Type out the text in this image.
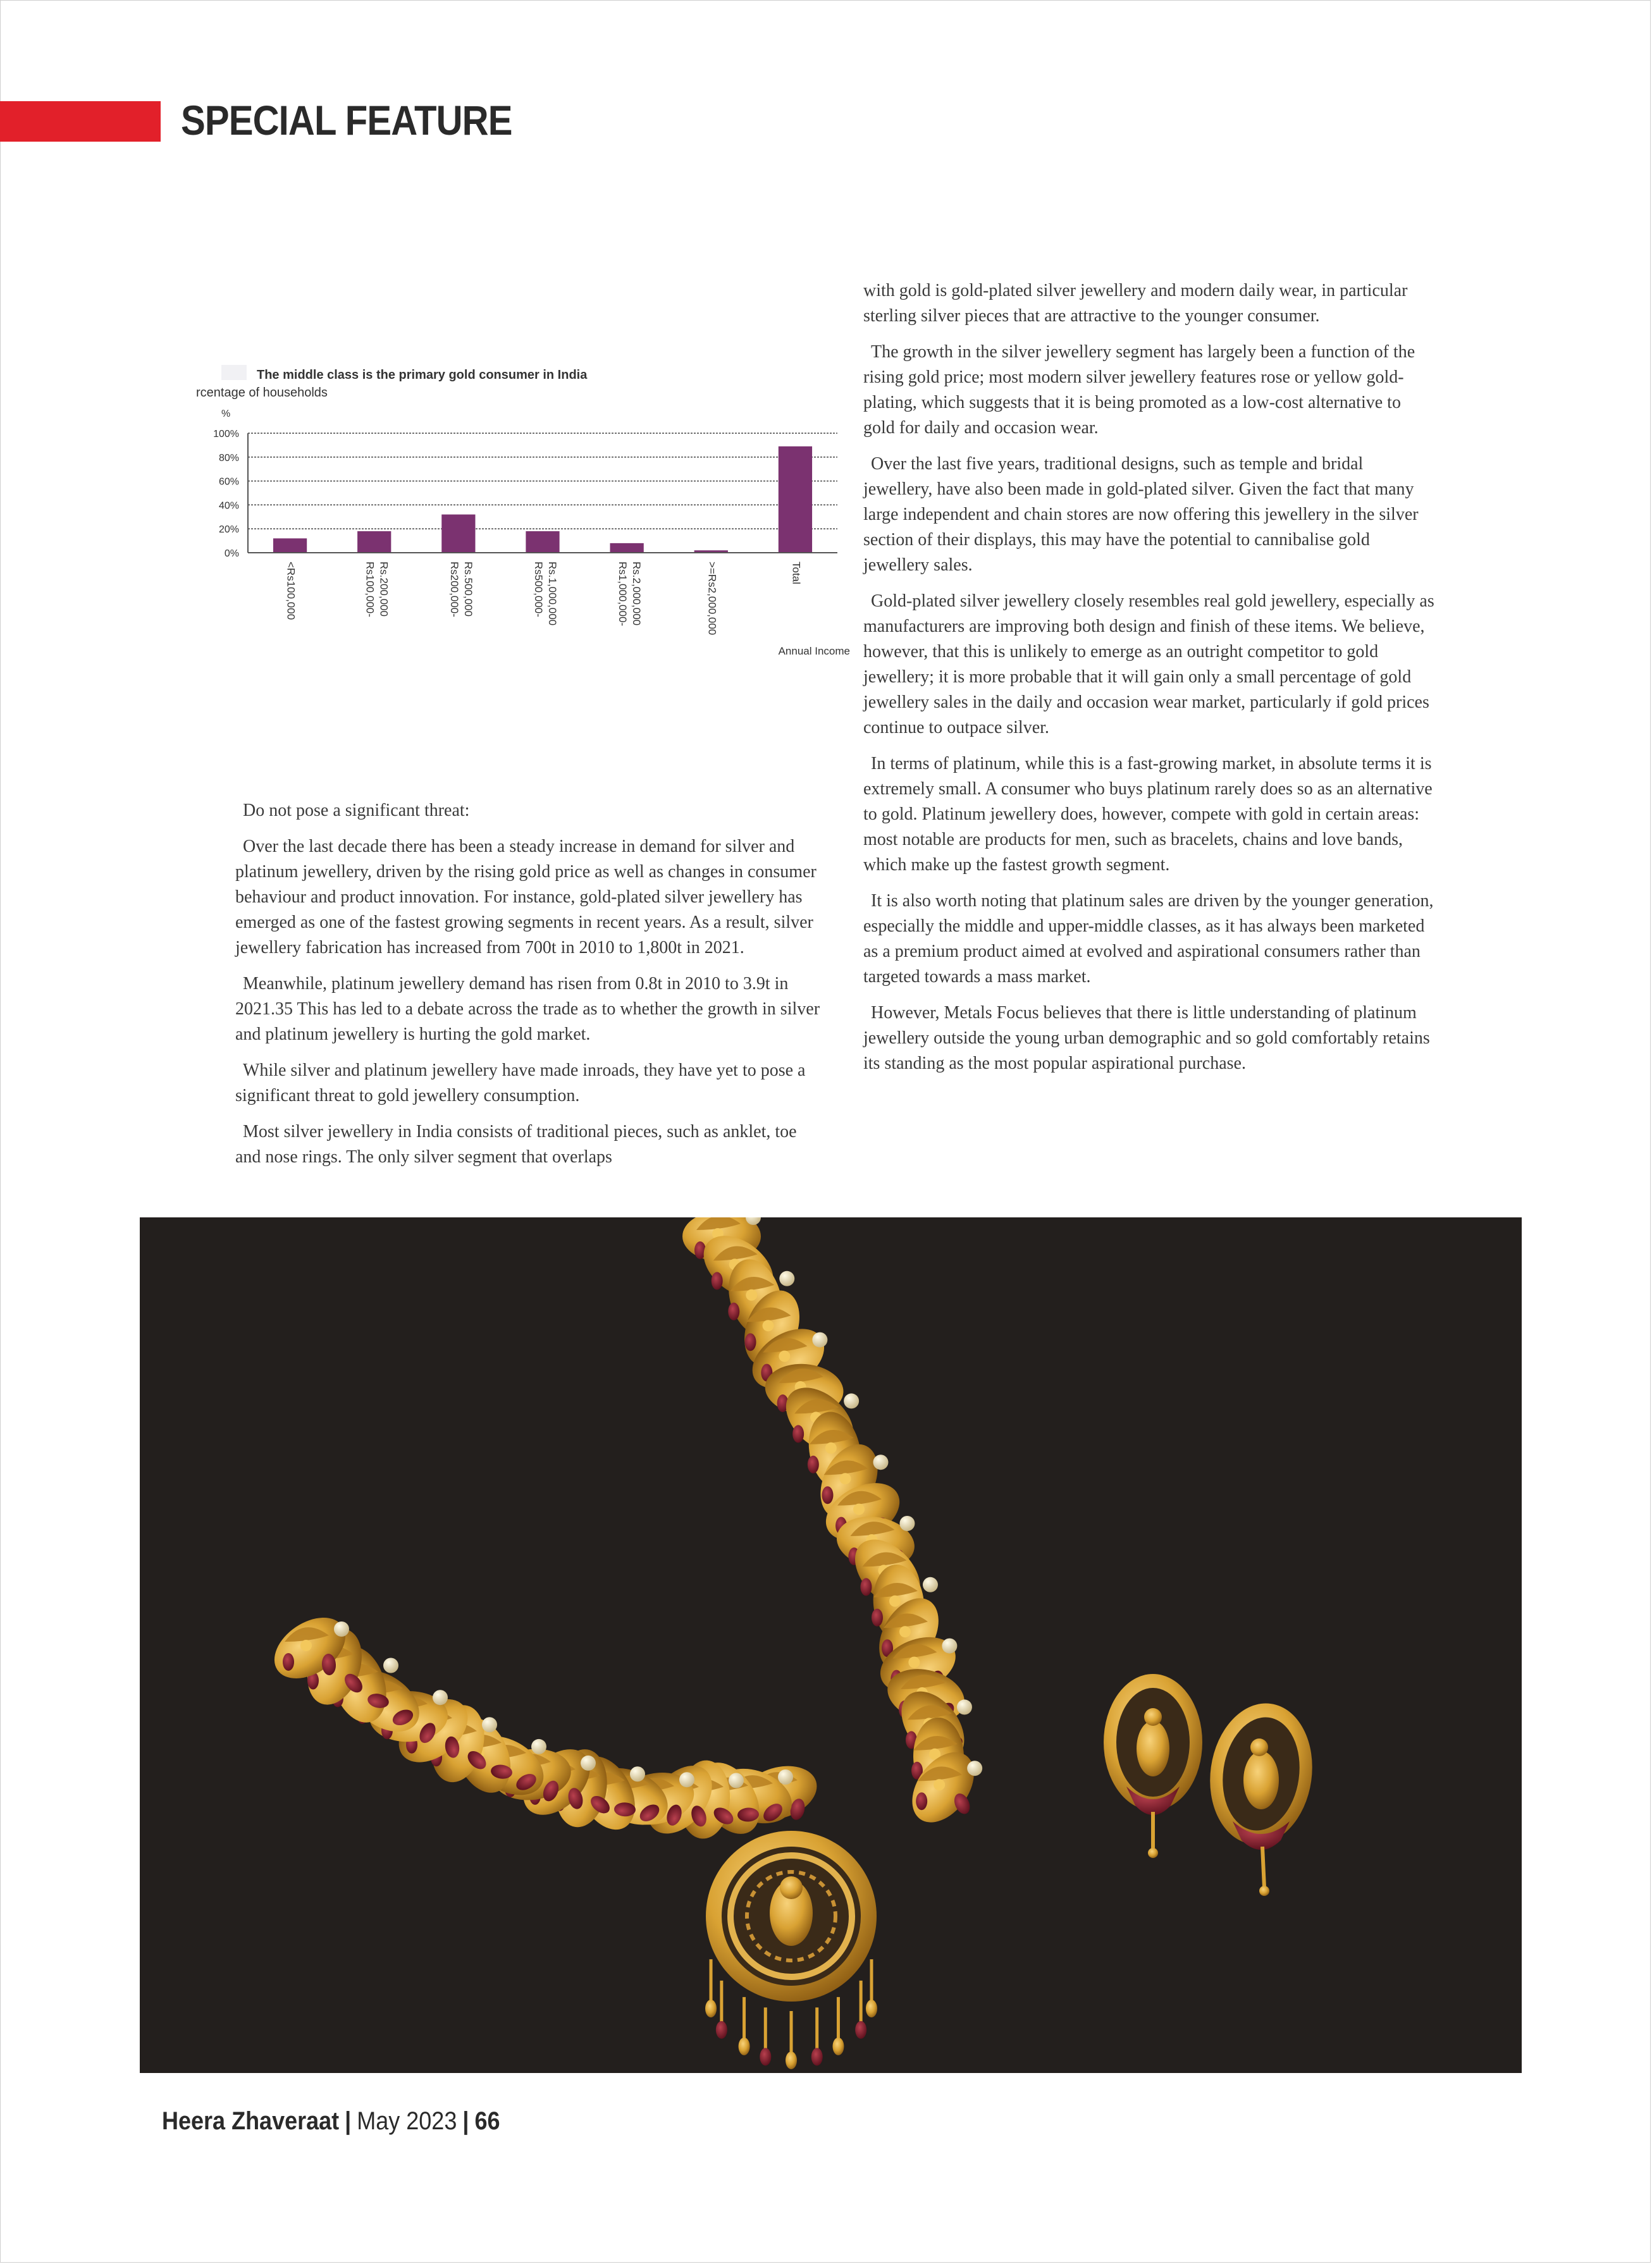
SPECIAL FEATURE
The middle class is the primary gold consumer in India
rcentage of households
%
0%
20%
40%
60%
80%
100%
<Rs100,000	Rs100,000- Rs.200,000	Rs200,000- Rs.500,000	Rs500,000- Rs.1,000,000	Rs1,000,000- Rs.2,000,000	>=Rs2,000,000	Total
Annual Income

Do not pose a significant threat:

Over the last decade there has been a steady increase in demand for silver and platinum jewellery, driven by the rising gold price as well as changes in consumer behaviour and product innovation. For instance, gold-plated silver jewellery has emerged as one of the fastest growing segments in recent years. As a result, silver jewellery fabrication has increased from 700t in 2010 to 1,800t in 2021.

Meanwhile, platinum jewellery demand has risen from 0.8t in 2010 to 3.9t in 2021.35 This has led to a debate across the trade as to whether the growth in silver and platinum jewellery is hurting the gold market.

While silver and platinum jewellery have made inroads, they have yet to pose a significant threat to gold jewellery consumption.

Most silver jewellery in India consists of traditional pieces, such as anklet, toe and nose rings. The only silver segment that overlaps

with gold is gold-plated silver jewellery and modern daily wear, in particular sterling silver pieces that are attractive to the younger consumer.

The growth in the silver jewellery segment has largely been a function of the rising gold price; most modern silver jewellery features rose or yellow gold-plating, which suggests that it is being promoted as a low-cost alternative to gold for daily and occasion wear.

Over the last five years, traditional designs, such as temple and bridal jewellery, have also been made in gold-plated silver. Given the fact that many large independent and chain stores are now offering this jewellery in the silver section of their displays, this may have the potential to cannibalise gold jewellery sales.

Gold-plated silver jewellery closely resembles real gold jewellery, especially as manufacturers are improving both design and finish of these items. We believe, however, that this is unlikely to emerge as an outright competitor to gold jewellery; it is more probable that it will gain only a small percentage of gold jewellery sales in the daily and occasion wear market, particularly if gold prices continue to outpace silver.

In terms of platinum, while this is a fast-growing market, in absolute terms it is extremely small. A consumer who buys platinum rarely does so as an alternative to gold. Platinum jewellery does, however, compete with gold in certain areas: most notable are products for men, such as bracelets, chains and love bands, which make up the fastest growth segment.

It is also worth noting that platinum sales are driven by the younger generation, especially the middle and upper-middle classes, as it has always been marketed as a premium product aimed at evolved and aspirational consumers rather than targeted towards a mass market.

However, Metals Focus believes that there is little understanding of platinum jewellery outside the young urban demographic and so gold comfortably retains its standing as the most popular aspirational purchase.

Heera Zhaveraat | May 2023 | 66
